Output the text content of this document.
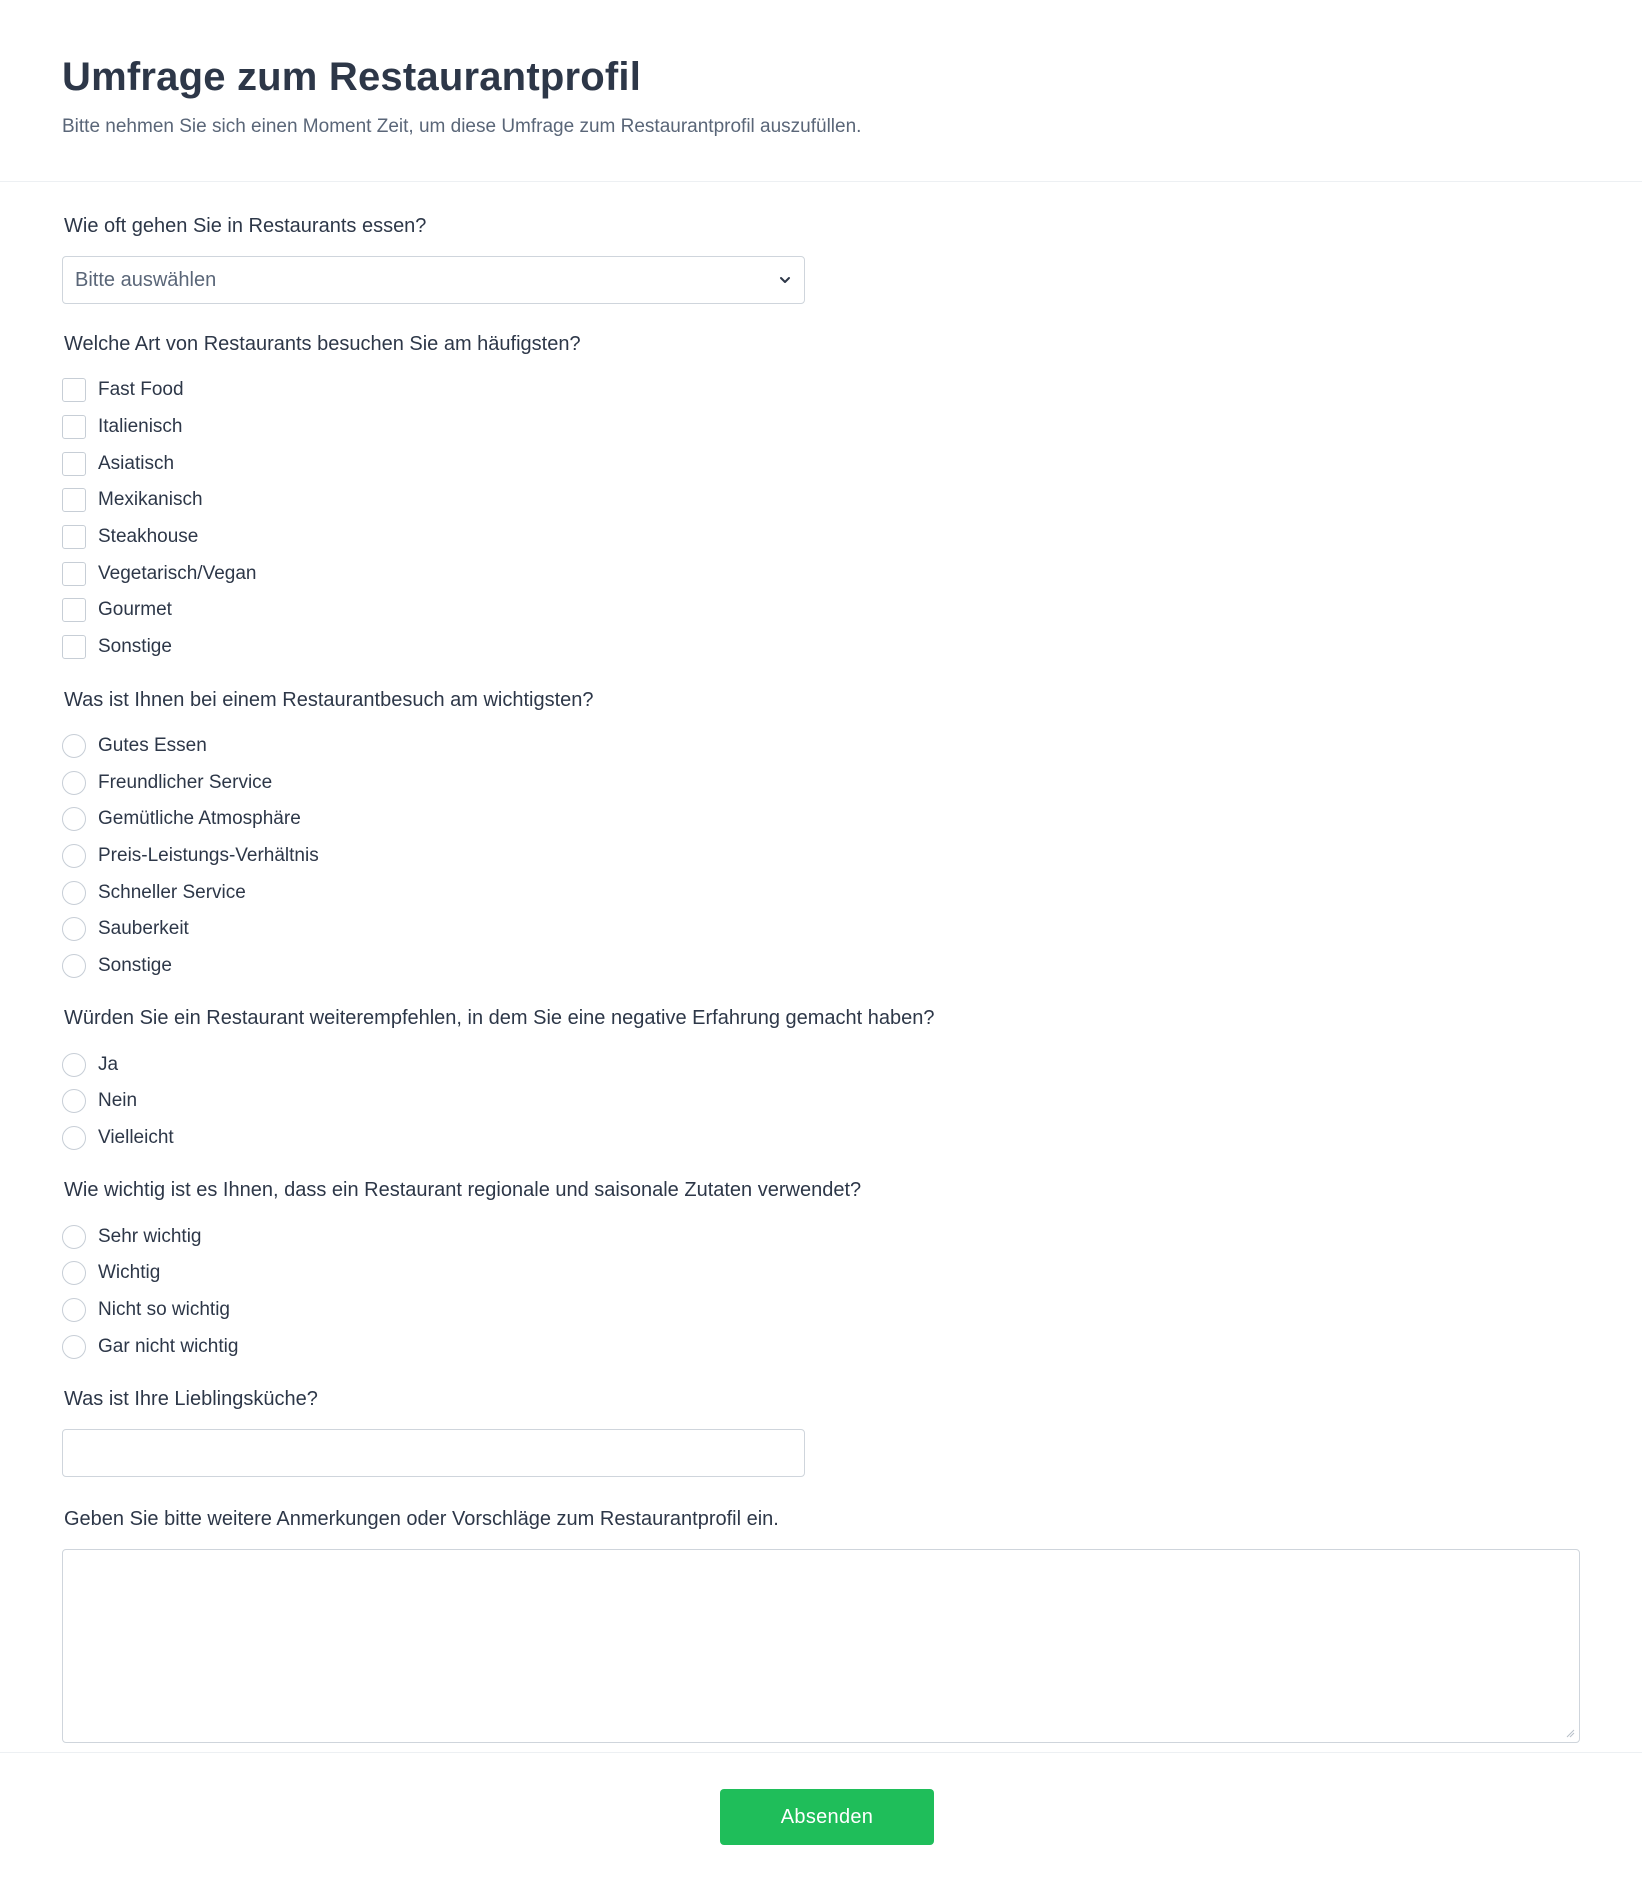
Umfrage zum Restaurantprofil

Bitte nehmen Sie sich einen Moment Zeit, um diese Umfrage zum Restaurantprofil auszufüllen.

Wie oft gehen Sie in Restaurants essen?
Bitte auswählen
Welche Art von Restaurants besuchen Sie am häufigsten?
Fast Food
Italienisch
Asiatisch
Mexikanisch
Steakhouse
Vegetarisch/Vegan
Gourmet
Sonstige
Was ist Ihnen bei einem Restaurantbesuch am wichtigsten?
Gutes Essen
Freundlicher Service
Gemütliche Atmosphäre
Preis-Leistungs-Verhältnis
Schneller Service
Sauberkeit
Sonstige
Würden Sie ein Restaurant weiterempfehlen, in dem Sie eine negative Erfahrung gemacht haben?
Ja
Nein
Vielleicht
Wie wichtig ist es Ihnen, dass ein Restaurant regionale und saisonale Zutaten verwendet?
Sehr wichtig
Wichtig
Nicht so wichtig
Gar nicht wichtig
Was ist Ihre Lieblingsküche?
Geben Sie bitte weitere Anmerkungen oder Vorschläge zum Restaurantprofil ein.
Absenden
